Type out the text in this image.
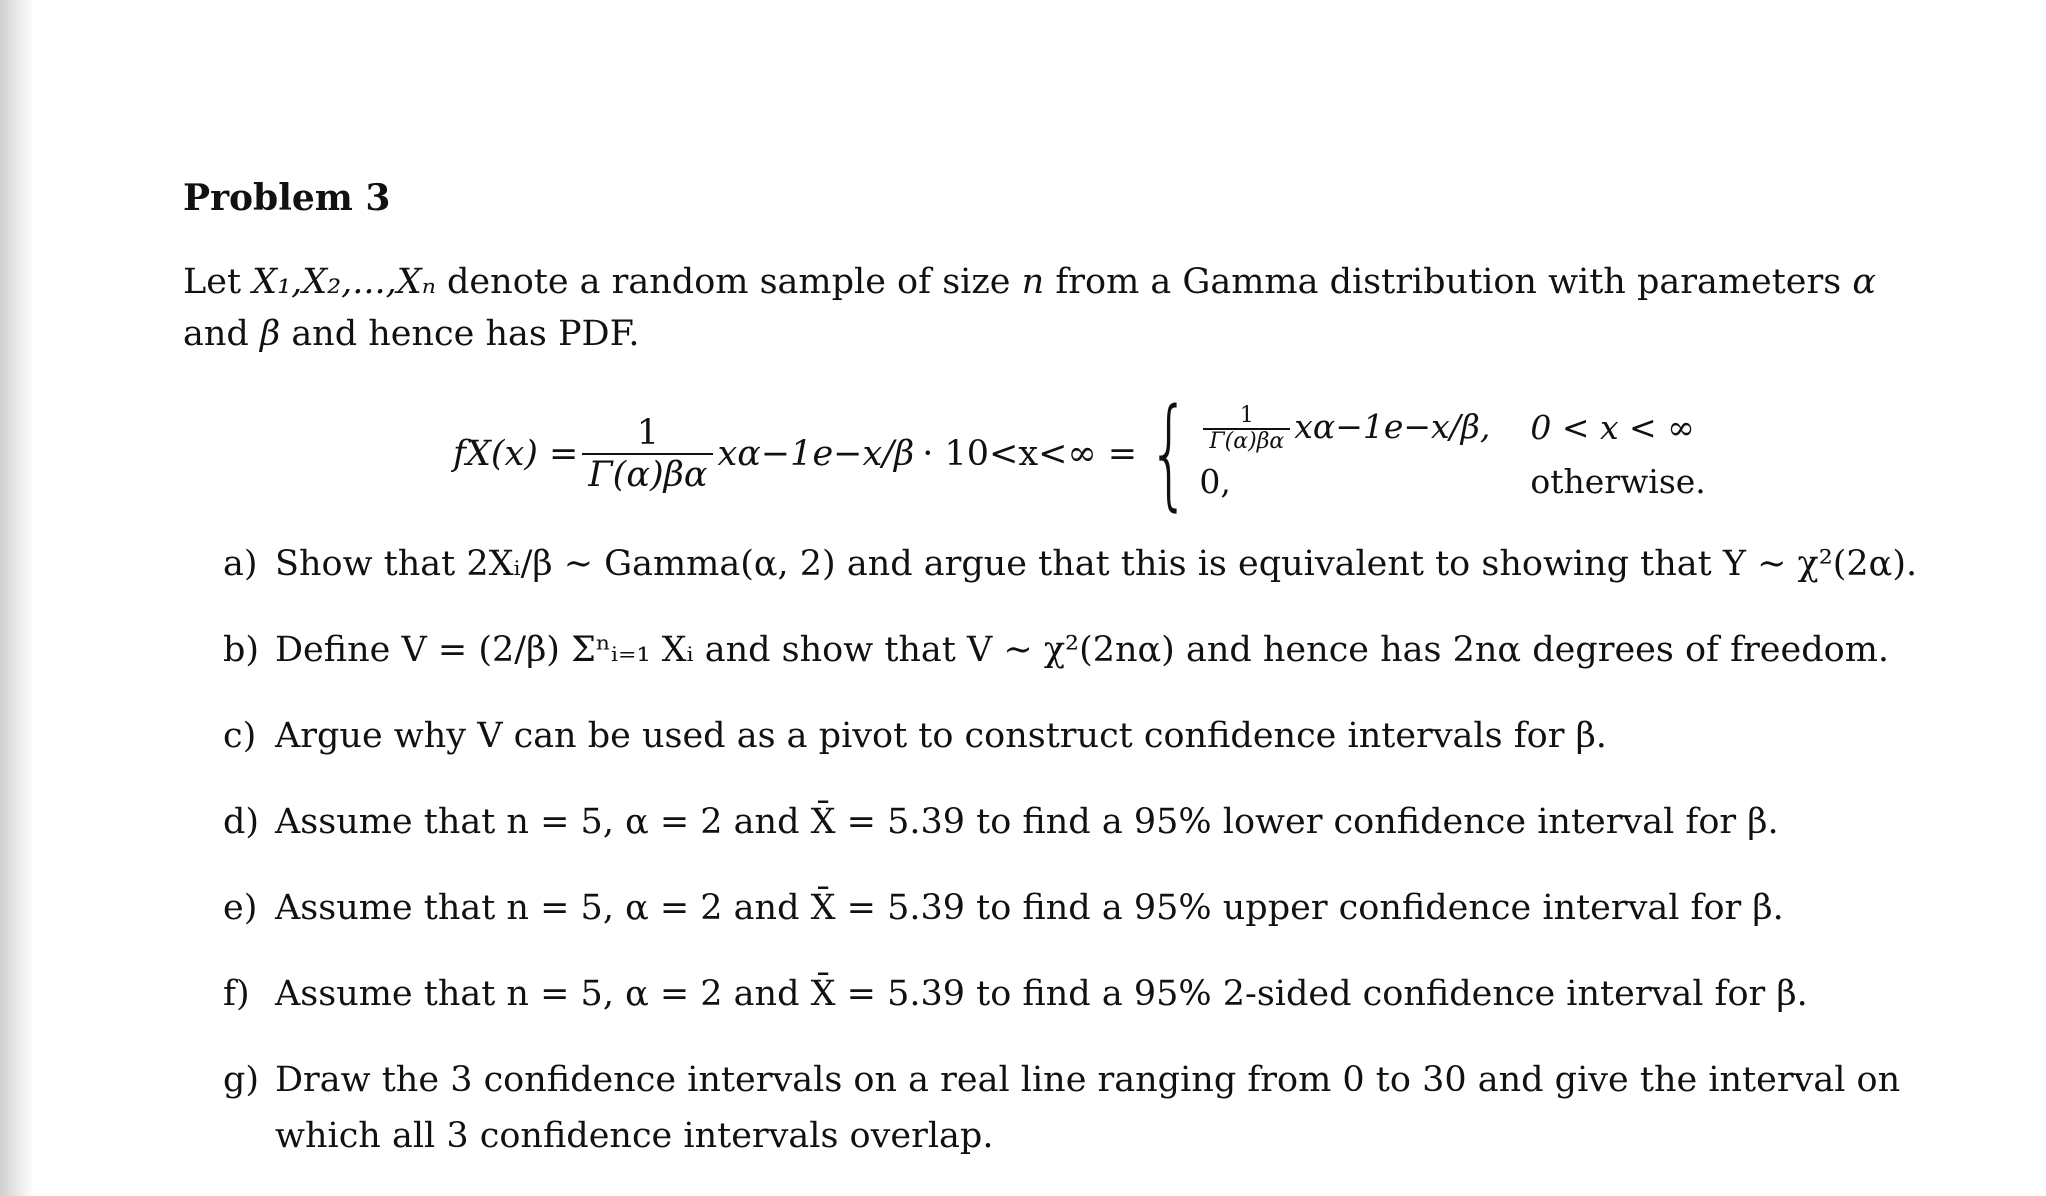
Problem 3
Let X₁,X₂,...,Xₙ denote a random sample of size n from a Gamma distribution with parameters α and β and hence has PDF.
$fX(x) = \frac{1}{\Gamma(\alpha)\beta\alpha} x\alpha-1e-x/\beta \cdot 10<x<\infty$ = { $\frac{1}{\Gamma(\alpha)\beta\alpha} x\alpha-1e-x/\beta$, 0 < x < ∞
0,	otherwise.
a) Show that 2Xᵢ/β ∼ Gamma(α, 2) and argue that this is equivalent to showing that Y ∼ χ²(2α).
b) Define V = (2/β) Σⁿᵢ₌₁ Xᵢ and show that V ∼ χ²(2nα) and hence has 2nα degrees of freedom.
c) Argue why V can be used as a pivot to construct confidence intervals for β.
d) Assume that n = 5, α = 2 and X̄ = 5.39 to find a 95% lower confidence interval for β.
e) Assume that n = 5, α = 2 and X̄ = 5.39 to find a 95% upper confidence interval for β.
f) Assume that n = 5, α = 2 and X̄ = 5.39 to find a 95% 2-sided confidence interval for β.
g) Draw the 3 confidence intervals on a real line ranging from 0 to 30 and give the interval on which all 3 confidence intervals overlap.
